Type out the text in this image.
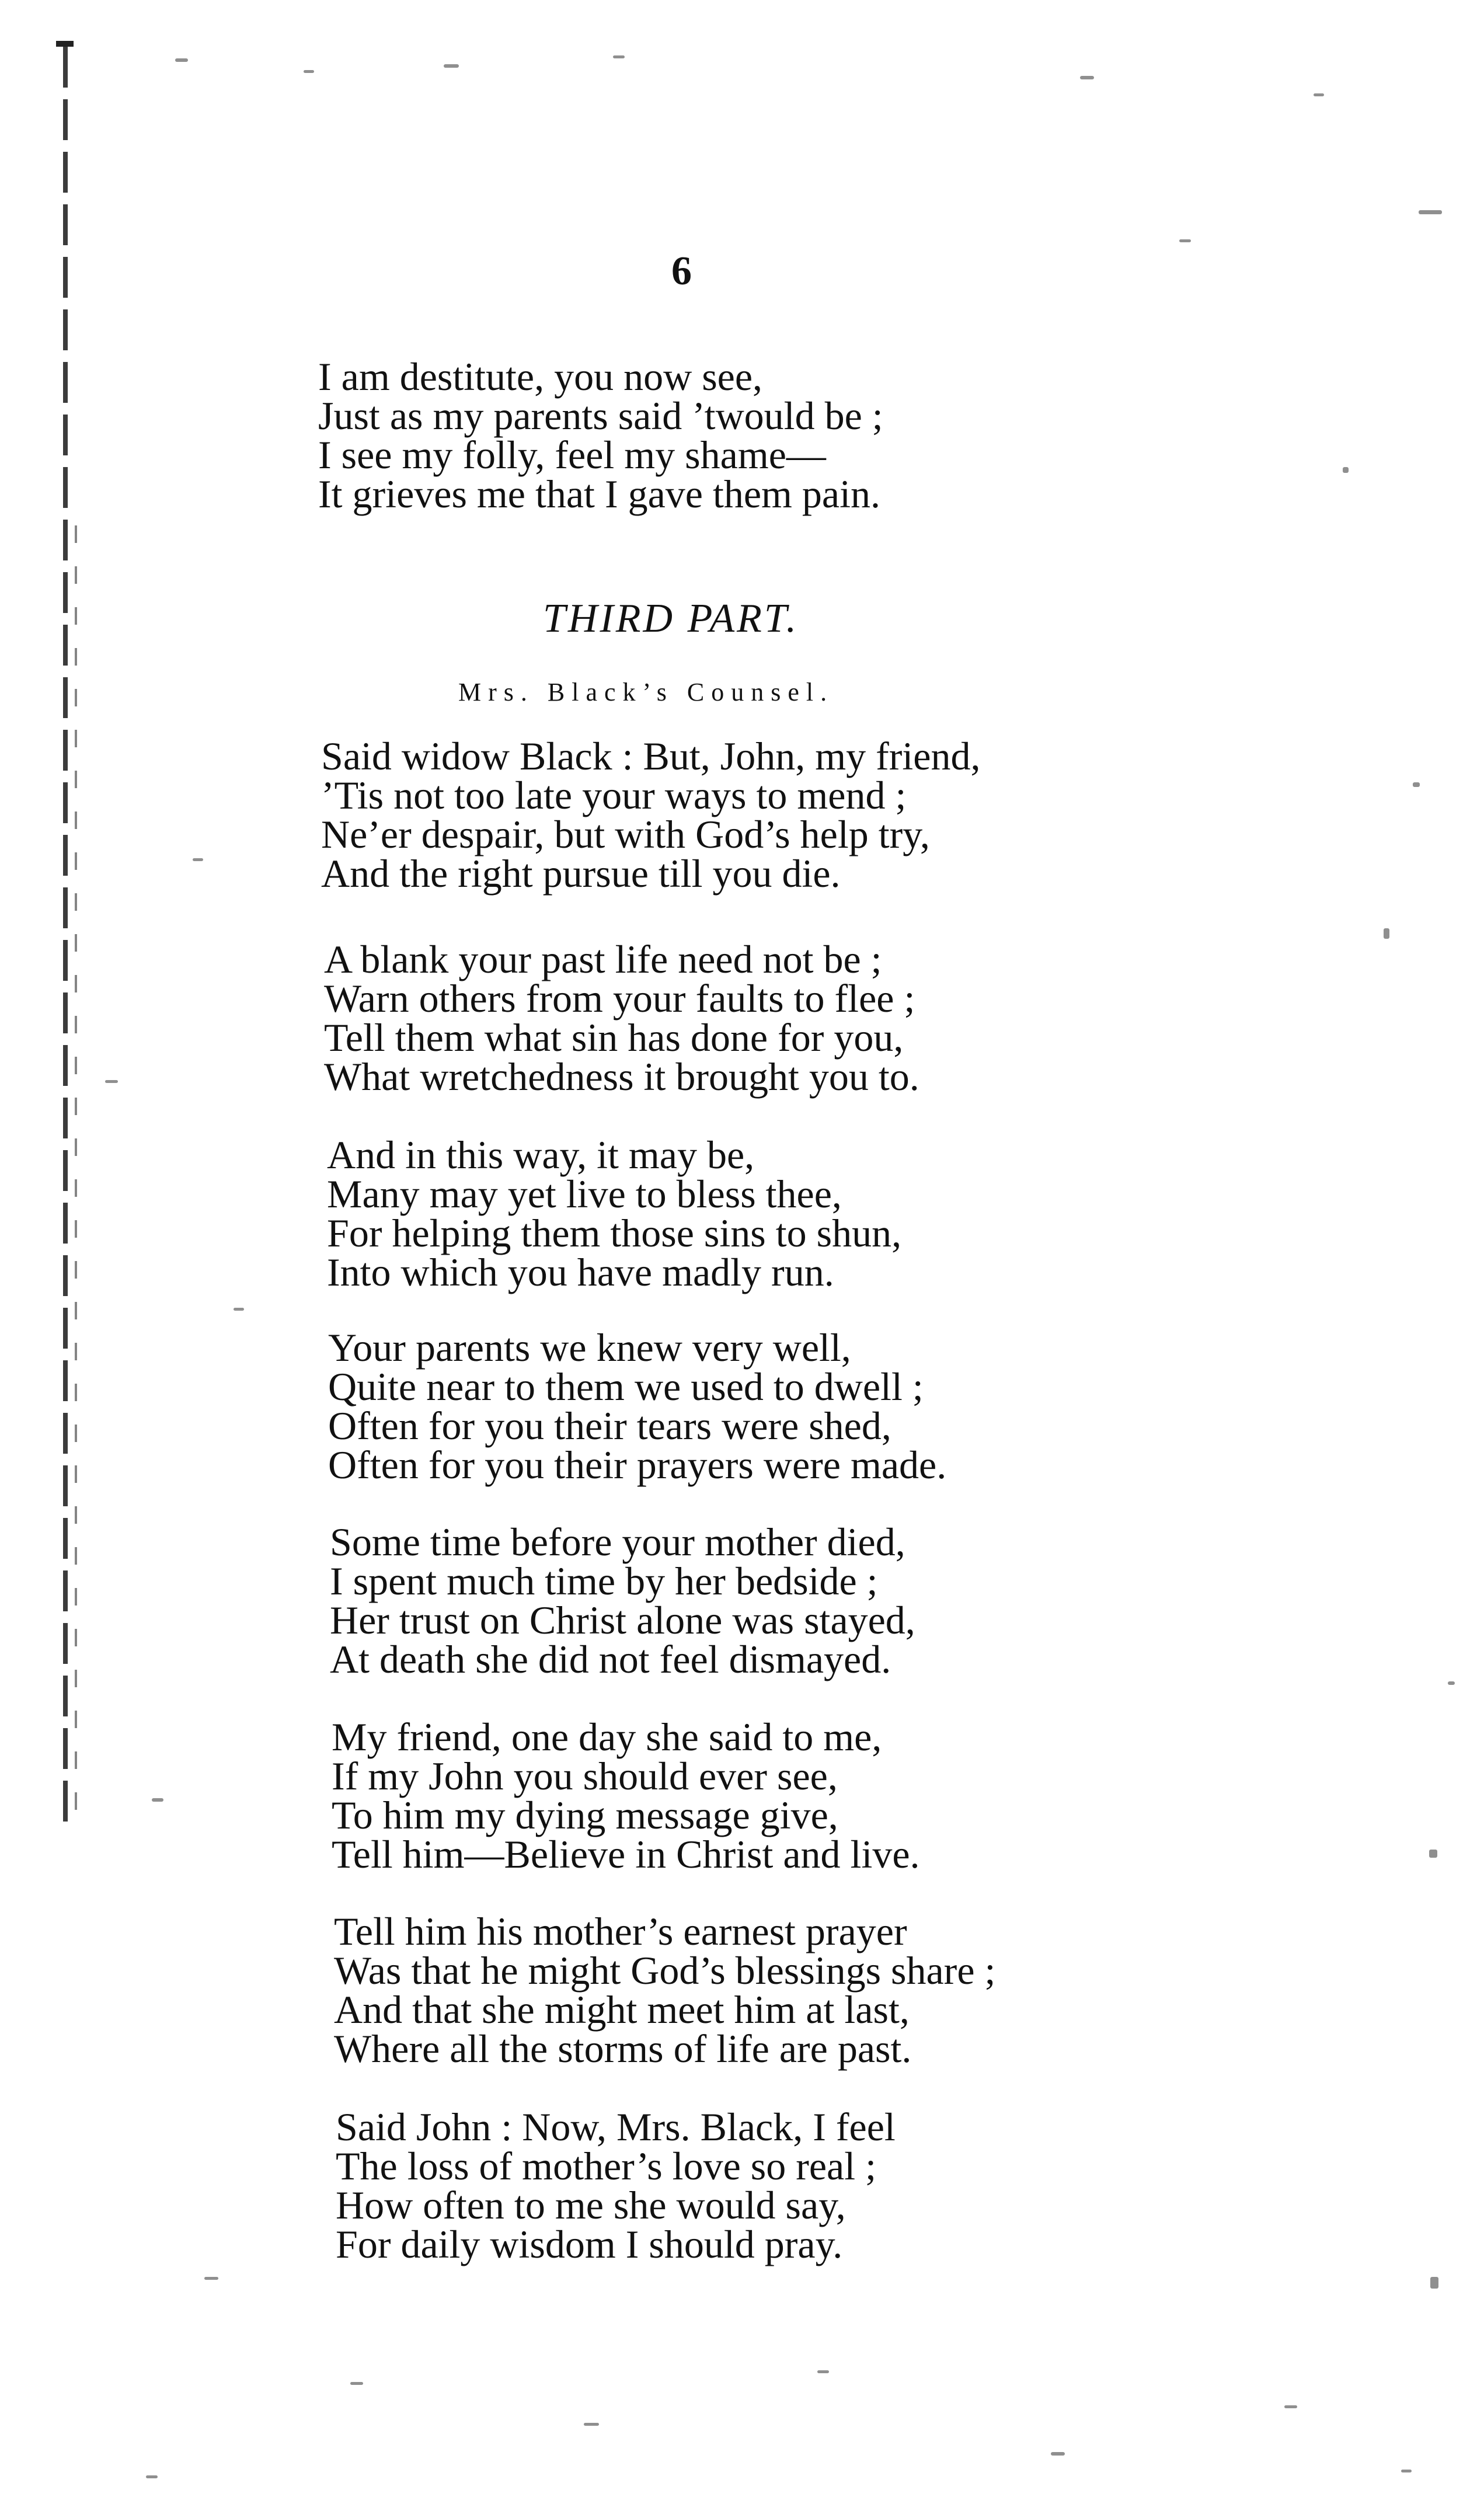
6
I am destitute, you now see,
Just as my parents said ’twould be ;
I see my folly, feel my shame—
It grieves me that I gave them pain.
THIRD PART.
Mrs. Black’s Counsel.
Said widow Black : But, John, my friend,
’Tis not too late your ways to mend ;
Ne’er despair, but with God’s help try,
And the right pursue till you die.
A blank your past life need not be ;
Warn others from your faults to flee ;
Tell them what sin has done for you,
What wretchedness it brought you to.
And in this way, it may be,
Many may yet live to bless thee,
For helping them those sins to shun,
Into which you have madly run.
Your parents we knew very well,
Quite near to them we used to dwell ;
Often for you their tears were shed,
Often for you their prayers were made.
Some time before your mother died,
I spent much time by her bedside ;
Her trust on Christ alone was stayed,
At death she did not feel dismayed.
My friend, one day she said to me,
If my John you should ever see,
To him my dying message give,
Tell him—Believe in Christ and live.
Tell him his mother’s earnest prayer
Was that he might God’s blessings share ;
And that she might meet him at last,
Where all the storms of life are past.
Said John : Now, Mrs. Black, I feel
The loss of mother’s love so real ;
How often to me she would say,
For daily wisdom I should pray.
